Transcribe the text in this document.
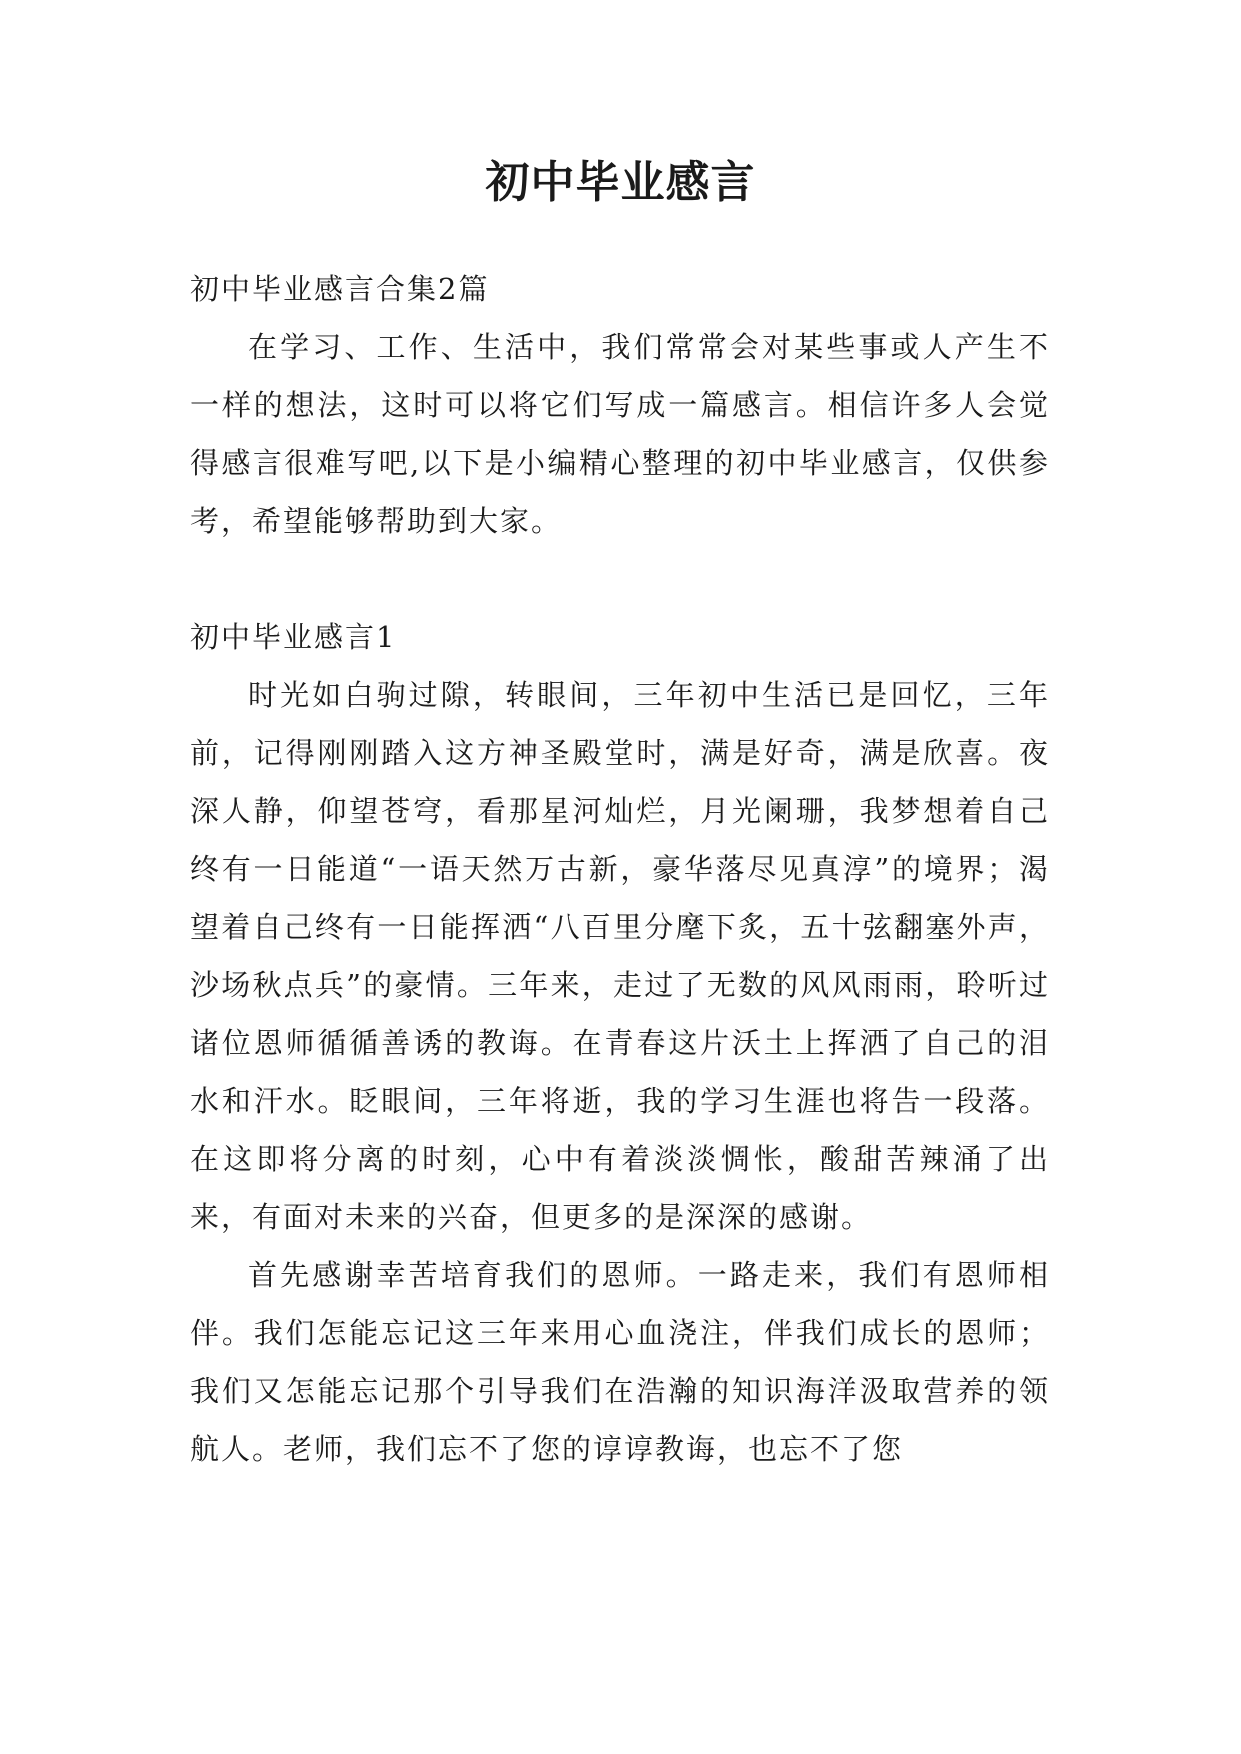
初中毕业感言

初中毕业感言合集2篇

在学习、工作、生活中，我们常常会对某些事或人产生不一样的想法，这时可以将它们写成一篇感言。相信许多人会觉得感言很难写吧,以下是小编精心整理的初中毕业感言，仅供参考，希望能够帮助到大家。

初中毕业感言1

时光如白驹过隙，转眼间，三年初中生活已是回忆，三年前，记得刚刚踏入这方神圣殿堂时，满是好奇，满是欣喜。夜深人静，仰望苍穹，看那星河灿烂，月光阑珊，我梦想着自己终有一日能道“一语天然万古新，豪华落尽见真淳”的境界；渴望着自己终有一日能挥洒“八百里分麾下炙，五十弦翻塞外声，沙场秋点兵”的豪情。三年来，走过了无数的风风雨雨，聆听过诸位恩师循循善诱的教诲。在青春这片沃土上挥洒了自己的泪水和汗水。眨眼间，三年将逝，我的学习生涯也将告一段落。在这即将分离的时刻，心中有着淡淡惆怅，酸甜苦辣涌了出来，有面对未来的兴奋，但更多的是深深的感谢。

首先感谢幸苦培育我们的恩师。一路走来，我们有恩师相伴。我们怎能忘记这三年来用心血浇注，伴我们成长的恩师；我们又怎能忘记那个引导我们在浩瀚的知识海洋汲取营养的领航人。老师，我们忘不了您的谆谆教诲，也忘不了您
